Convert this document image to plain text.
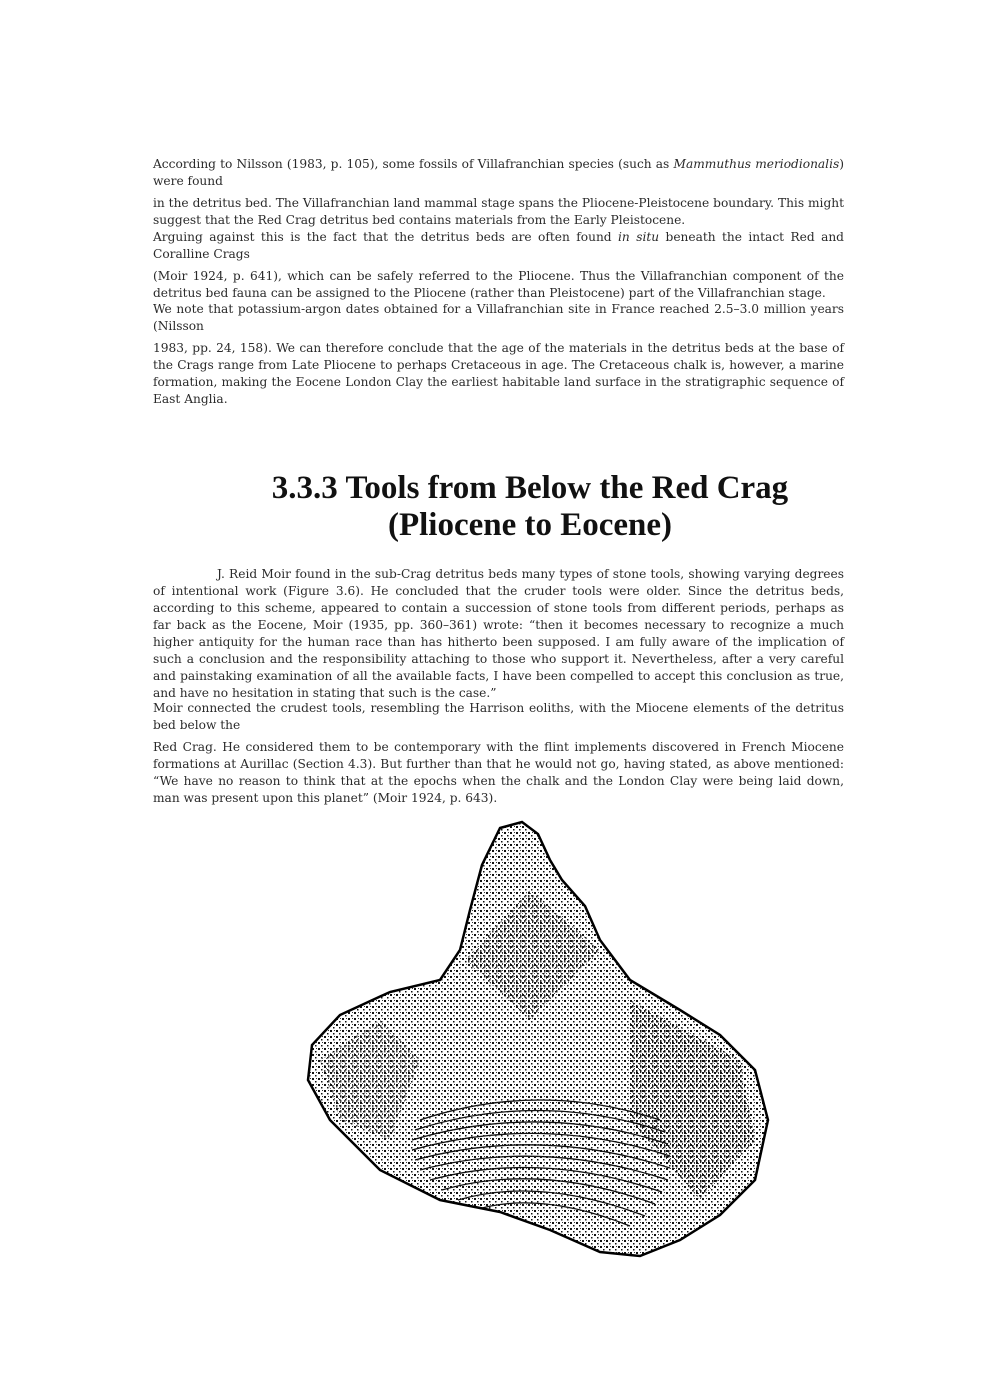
According to Nilsson (1983, p. 105), some fossils of Villafranchian species (such as Mammuthus meriodionalis) were found
in the detritus bed. The Villafranchian land mammal stage spans the Pliocene-Pleistocene boundary. This might suggest that the Red Crag detritus bed contains materials from the Early Pleistocene.

Arguing against this is the fact that the detritus beds are often found in situ beneath the intact Red and Coralline Crags
(Moir 1924, p. 641), which can be safely referred to the Pliocene. Thus the Villafranchian component of the detritus bed fauna can be assigned to the Pliocene (rather than Pleistocene) part of the Villafranchian stage.

We note that potassium-argon dates obtained for a Villafranchian site in France reached 2.5–3.0 million years (Nilsson
1983, pp. 24, 158). We can therefore conclude that the age of the materials in the detritus beds at the base of the Crags range from Late Pliocene to perhaps Cretaceous in age. The Cretaceous chalk is, however, a marine formation, making the Eocene London Clay the earliest habitable land surface in the stratigraphic sequence of East Anglia.

3.3.3 Tools from Below the Red Crag
(Pliocene to Eocene)

J. Reid Moir found in the sub-Crag detritus beds many types of stone tools, showing varying degrees of intentional work (Figure 3.6). He concluded that the cruder tools were older. Since the detritus beds, according to this scheme, appeared to contain a succession of stone tools from different periods, perhaps as far back as the Eocene, Moir (1935, pp. 360–361) wrote: “then it becomes necessary to recognize a much higher antiquity for the human race than has hitherto been supposed. I am fully aware of the implication of such a conclusion and the responsibility attaching to those who support it. Nevertheless, after a very careful and painstaking examination of all the available facts, I have been compelled to accept this conclusion as true, and have no hesitation in stating that such is the case.”

Moir connected the crudest tools, resembling the Harrison eoliths, with the Miocene elements of the detritus bed below the
Red Crag. He considered them to be contemporary with the flint implements discovered in French Miocene formations at Aurillac (Section 4.3). But further than that he would not go, having stated, as above mentioned: “We have no reason to think that at the epochs when the chalk and the London Clay were being laid down, man was present upon this planet” (Moir 1924, p. 643).
